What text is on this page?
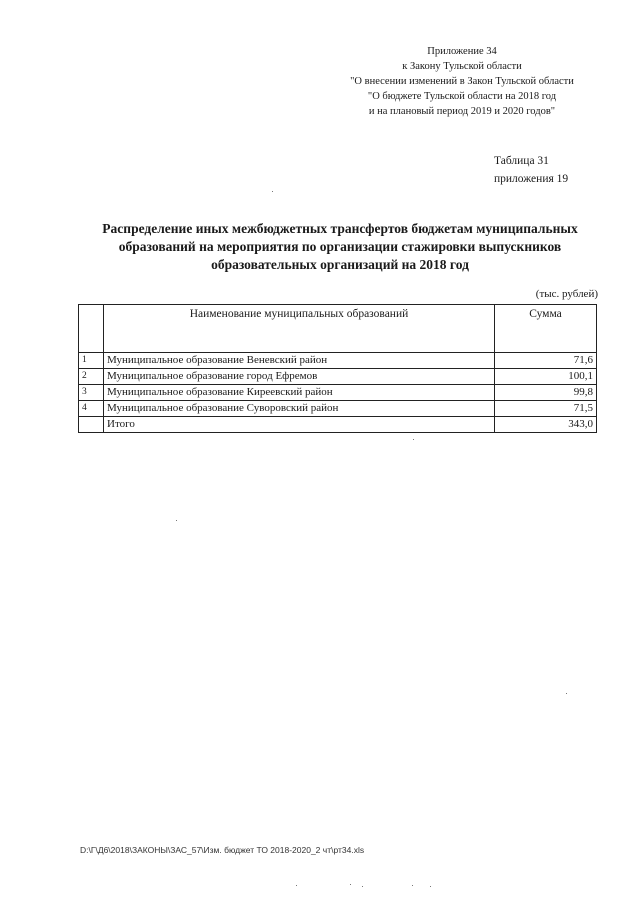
Приложение 34
к Закону Тульской области
"О внесении изменений в Закон Тульской области
"О бюджете Тульской области на 2018 год
и на плановый период 2019 и 2020 годов"
Таблица 31
приложения 19
Распределение иных межбюджетных трансфертов бюджетам муниципальных
образований на мероприятия по организации стажировки выпускников
образовательных организаций на 2018 год
(тыс. рублей)
	Наименование муниципальных образований	Сумма
1	Муниципальное образование Веневский район	71,6
2	Муниципальное образование город Ефремов	100,1
3	Муниципальное образование Киреевский район	99,8
4	Муниципальное образование Суворовский район	71,5
	Итого	343,0
D:\Г\Д6\2018\ЗАКОНЫ\ЗАС_57\Изм. бюджет ТО 2018-2020_2 чт\рт34.xls
